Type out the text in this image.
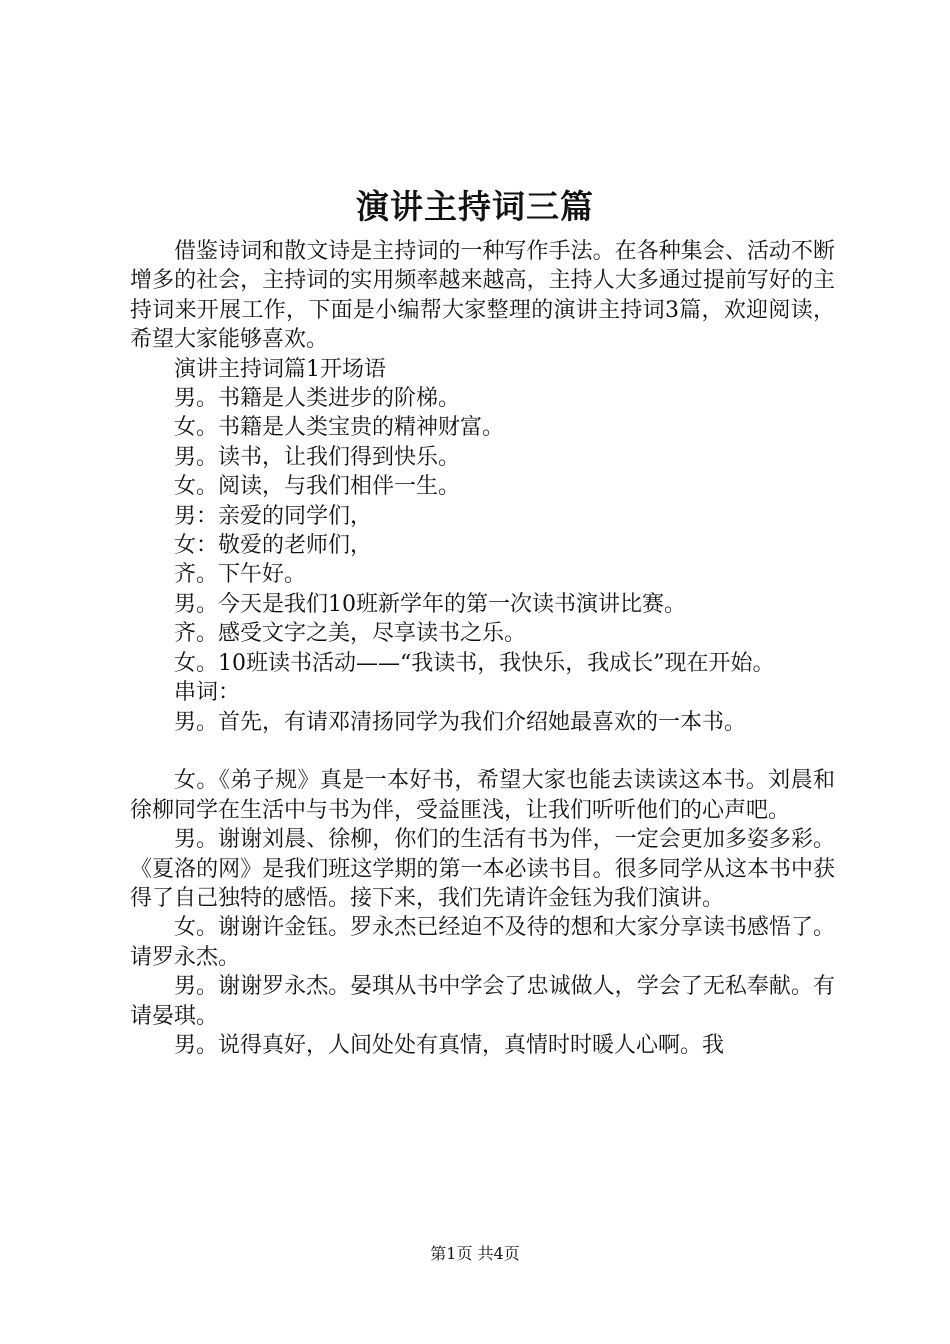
演讲主持词三篇

借鉴诗词和散文诗是主持词的一种写作手法。在各种集会、活动不断增多的社会，主持词的实用频率越来越高，主持人大多通过提前写好的主持词来开展工作，下面是小编帮大家整理的演讲主持词3篇，欢迎阅读，希望大家能够喜欢。

演讲主持词篇1开场语

男。书籍是人类进步的阶梯。

女。书籍是人类宝贵的精神财富。

男。读书，让我们得到快乐。

女。阅读，与我们相伴一生。

男：亲爱的同学们，

女：敬爱的老师们，

齐。下午好。

男。今天是我们10班新学年的第一次读书演讲比赛。

齐。感受文字之美，尽享读书之乐。

女。10班读书活动——“我读书，我快乐，我成长”现在开始。

串词：

男。首先，有请邓清扬同学为我们介绍她最喜欢的一本书。

女。《弟子规》真是一本好书，希望大家也能去读读这本书。刘晨和徐柳同学在生活中与书为伴，受益匪浅，让我们听听他们的心声吧。

男。谢谢刘晨、徐柳，你们的生活有书为伴，一定会更加多姿多彩。《夏洛的网》是我们班这学期的第一本必读书目。很多同学从这本书中获得了自己独特的感悟。接下来，我们先请许金钰为我们演讲。

女。谢谢许金钰。罗永杰已经迫不及待的想和大家分享读书感悟了。请罗永杰。

男。谢谢罗永杰。晏琪从书中学会了忠诚做人，学会了无私奉献。有请晏琪。

男。说得真好，人间处处有真情，真情时时暖人心啊。我

第1页 共4页
